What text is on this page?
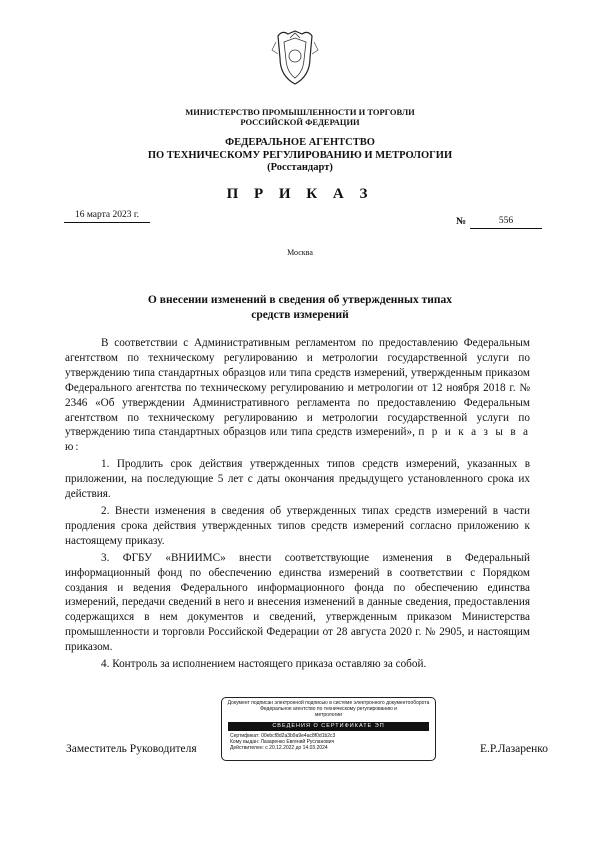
МИНИСТЕРСТВО ПРОМЫШЛЕННОСТИ И ТОРГОВЛИ
РОССИЙСКОЙ ФЕДЕРАЦИИ
ФЕДЕРАЛЬНОЕ АГЕНТСТВО
ПО ТЕХНИЧЕСКОМУ РЕГУЛИРОВАНИЮ И МЕТРОЛОГИИ
(Росстандарт)
П Р И К А З
16 марта 2023 г.
№	556
Москва
О внесении изменений в сведения об утвержденных типах
средств измерений

В соответствии с Административным регламентом по предоставлению Федеральным агентством по техническому регулированию и метрологии государственной услуги по утверждению типа стандартных образцов или типа средств измерений, утвержденным приказом Федерального агентства по техническому регулированию и метрологии от 12 ноября 2018 г. № 2346 «Об утверждении Административного регламента по предоставлению Федеральным агентством по техническому регулированию и метрологии государственной услуги по утверждению типа стандартных образцов или типа средств измерений», п р и к а з ы в а ю:

1. Продлить срок действия утвержденных типов средств измерений, указанных в приложении, на последующие 5 лет с даты окончания предыдущего установленного срока их действия.

2. Внести изменения в сведения об утвержденных типах средств измерений в части продления срока действия утвержденных типов средств измерений согласно приложению к настоящему приказу.

3. ФГБУ «ВНИИМС» внести соответствующие изменения в Федеральный информационный фонд по обеспечению единства измерений в соответствии с Порядком создания и ведения Федерального информационного фонда по обеспечению единства измерений, передачи сведений в него и внесения изменений в данные сведения, предоставления содержащихся в нем документов и сведений, утвержденным приказом Министерства промышленности и торговли Российской Федерации от 28 августа 2020 г. № 2905, и настоящим приказом.

4. Контроль за исполнением настоящего приказа оставляю за собой.

Заместитель Руководителя	Е.Р.Лазаренко
Документ подписан электронной подписью в системе электронного документооборота
Федеральное агентство по техническому регулированию и
метрологии
СВЕДЕНИЯ О СЕРТИФИКАТЕ ЭП
Сертификат: 00ebcf8d2a3b9a9e4ac8f0d1b2c3
Кому выдан: Лазаренко Евгений Русланович
Действителен: с 20.12.2022 до 14.03.2024
